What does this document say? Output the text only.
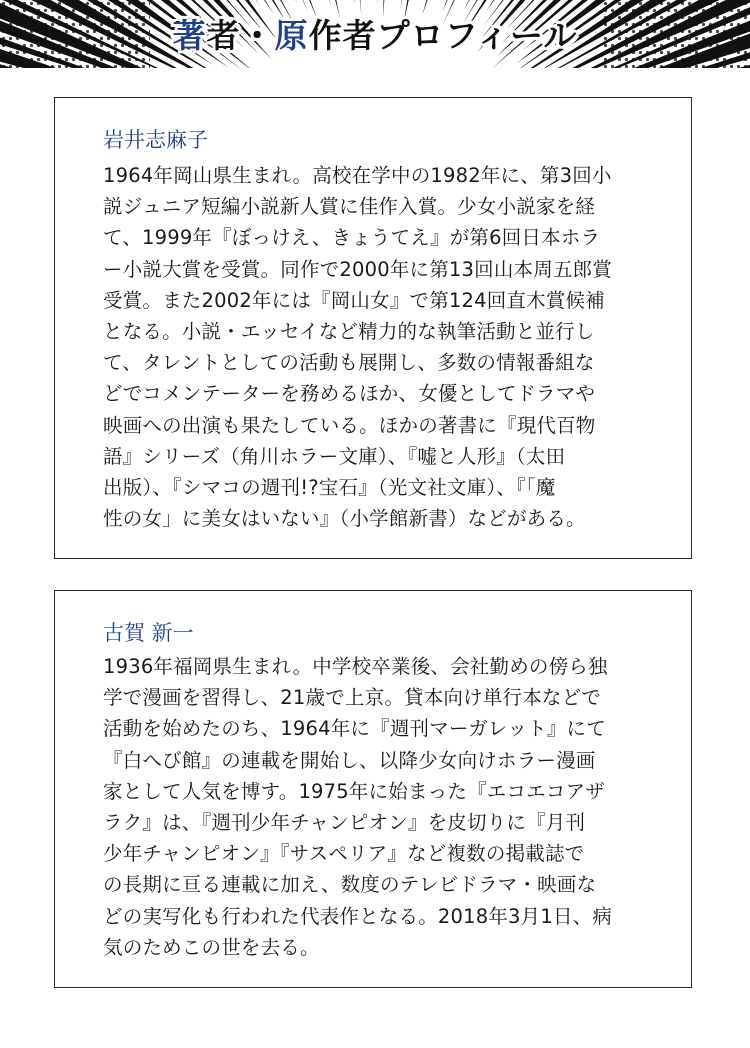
著者・原作者プロフィール
岩井志麻子
1964年岡山県生まれ。高校在学中の1982年に、第3回小
説ジュニア短編小説新人賞に佳作入賞。少女小説家を経
て、1999年『ぼっけえ、きょうてえ』が第6回日本ホラ
ー小説大賞を受賞。同作で2000年に第13回山本周五郎賞
受賞。また2002年には『岡山女』で第124回直木賞候補
となる。小説・エッセイなど精力的な執筆活動と並行し
て、タレントとしての活動も展開し、多数の情報番組な
どでコメンテーターを務めるほか、女優としてドラマや
映画への出演も果たしている。ほかの著書に『現代百物
語』シリーズ（角川ホラー文庫）、『嘘と人形』（太田
出版）、『シマコの週刊!?宝石』（光文社文庫）、『「魔
性の女」に美女はいない』（小学館新書）などがある。
古賀 新一
1936年福岡県生まれ。中学校卒業後、会社勤めの傍ら独
学で漫画を習得し、21歳で上京。貸本向け単行本などで
活動を始めたのち、1964年に『週刊マーガレット』にて
『白へび館』の連載を開始し、以降少女向けホラー漫画
家として人気を博す。1975年に始まった『エコエコアザ
ラク』は、『週刊少年チャンピオン』を皮切りに『月刊
少年チャンピオン』『サスペリア』など複数の掲載誌で
の長期に亘る連載に加え、数度のテレビドラマ・映画な
どの実写化も行われた代表作となる。2018年3月1日、病
気のためこの世を去る。
